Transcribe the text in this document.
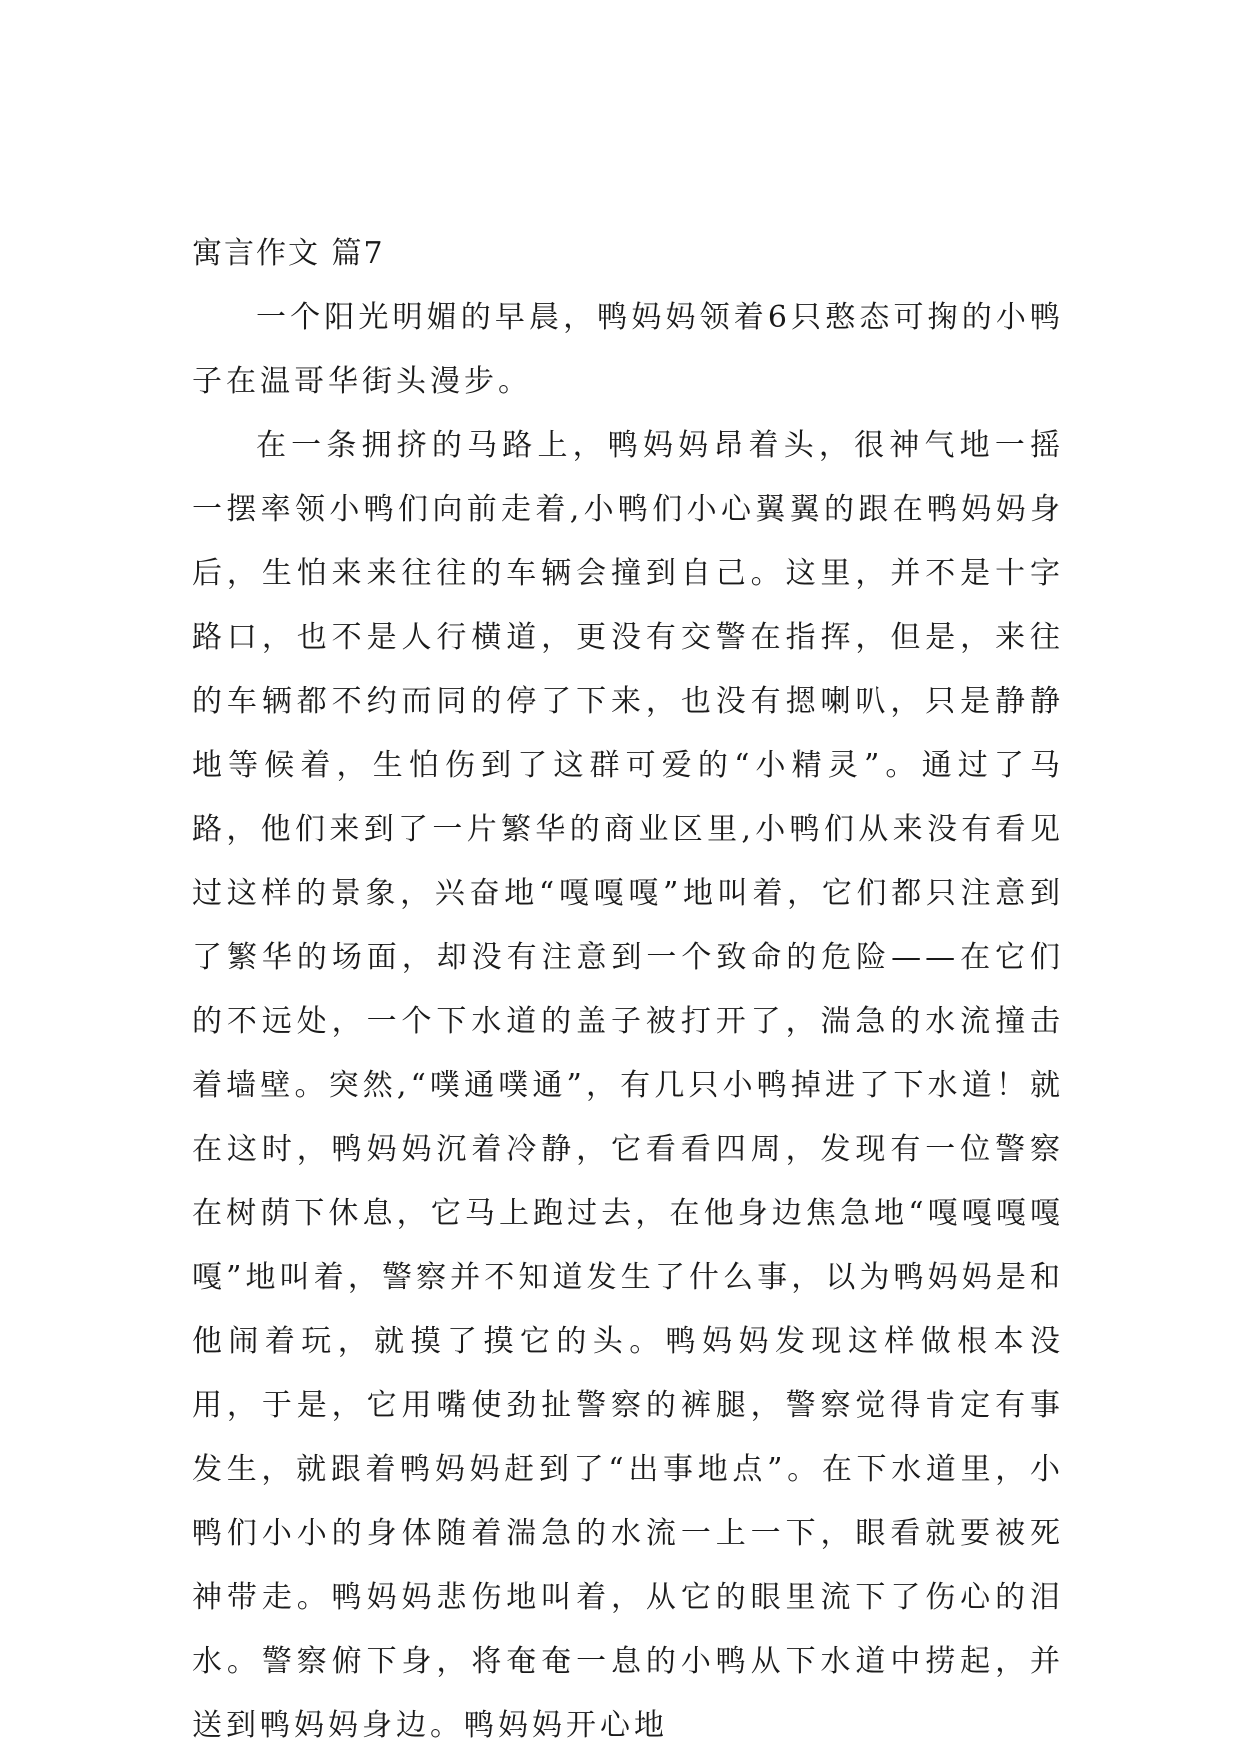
寓言作文 篇7

一个阳光明媚的早晨，鸭妈妈领着6只憨态可掬的小鸭子在温哥华街头漫步。

在一条拥挤的马路上，鸭妈妈昂着头，很神气地一摇一摆率领小鸭们向前走着,小鸭们小心翼翼的跟在鸭妈妈身后，生怕来来往往的车辆会撞到自己。这里，并不是十字路口，也不是人行横道，更没有交警在指挥，但是，来往的车辆都不约而同的停了下来，也没有摁喇叭，只是静静地等候着，生怕伤到了这群可爱的“小精灵”。通过了马路，他们来到了一片繁华的商业区里,小鸭们从来没有看见过这样的景象，兴奋地“嘎嘎嘎”地叫着，它们都只注意到了繁华的场面，却没有注意到一个致命的危险——在它们的不远处，一个下水道的盖子被打开了，湍急的水流撞击着墙壁。突然,“噗通噗通”，有几只小鸭掉进了下水道！就在这时，鸭妈妈沉着冷静，它看看四周，发现有一位警察在树荫下休息，它马上跑过去，在他身边焦急地“嘎嘎嘎嘎嘎”地叫着，警察并不知道发生了什么事，以为鸭妈妈是和他闹着玩，就摸了摸它的头。鸭妈妈发现这样做根本没用，于是，它用嘴使劲扯警察的裤腿，警察觉得肯定有事发生，就跟着鸭妈妈赶到了“出事地点”。在下水道里，小鸭们小小的身体随着湍急的水流一上一下，眼看就要被死神带走。鸭妈妈悲伤地叫着，从它的眼里流下了伤心的泪水。警察俯下身，将奄奄一息的小鸭从下水道中捞起，并送到鸭妈妈身边。鸭妈妈开心地
